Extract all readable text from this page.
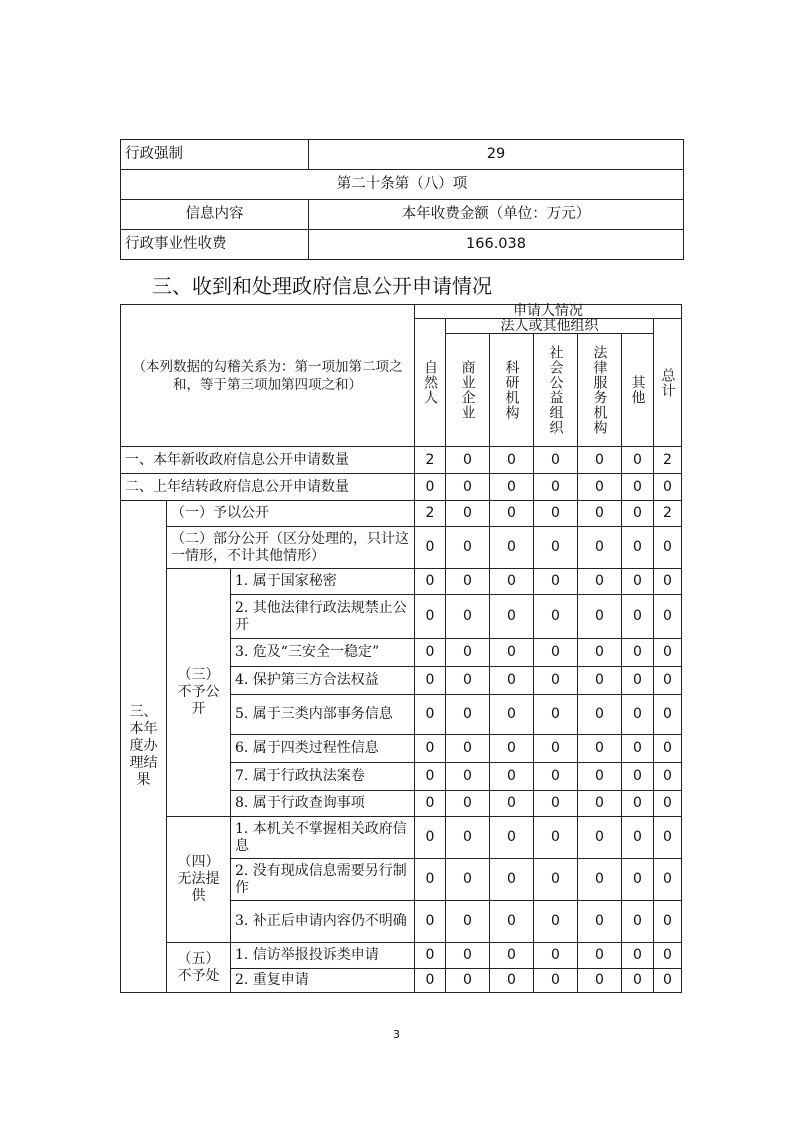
行政强制	29
第二十条第（八）项	
信息内容	本年收费金额（单位：万元）
行政事业性收费	166.038
三、收到和处理政府信息公开申请情况
（本列数据的勾稽关系为：第一项加第二项之和，等于第三项加第四项之和）			申请人情况						

			自然人	法人或其他组织					总计

				商业企业	科研机构	社会公益组织	法律服务机构	其他	

一、本年新收政府信息公开申请数量			2	0	0	0	0	0	2
二、上年结转政府信息公开申请数量			0	0	0	0	0	0	0
三、本年度办理结果	（一）予以公开		2	0	0	0	0	0	2
	（二）部分公开（区分处理的，只计这一情形，不计其他情形）		0	0	0	0	0	0	0
	（三）不予公开	1. 属于国家秘密	0	0	0	0	0	0	0
		2. 其他法律行政法规禁止公开	0	0	0	0	0	0	0
		3. 危及“三安全一稳定”	0	0	0	0	0	0	0
		4. 保护第三方合法权益	0	0	0	0	0	0	0
		5. 属于三类内部事务信息	0	0	0	0	0	0	0
		6. 属于四类过程性信息	0	0	0	0	0	0	0
		7. 属于行政执法案卷	0	0	0	0	0	0	0
		8. 属于行政查询事项	0	0	0	0	0	0	0
	（四）无法提供	1. 本机关不掌握相关政府信息	0	0	0	0	0	0	0
		2. 没有现成信息需要另行制作	0	0	0	0	0	0	0
		3. 补正后申请内容仍不明确	0	0	0	0	0	0	0
	（五）不予处	1. 信访举报投诉类申请	0	0	0	0	0	0	0
		2. 重复申请	0	0	0	0	0	0	0
3
